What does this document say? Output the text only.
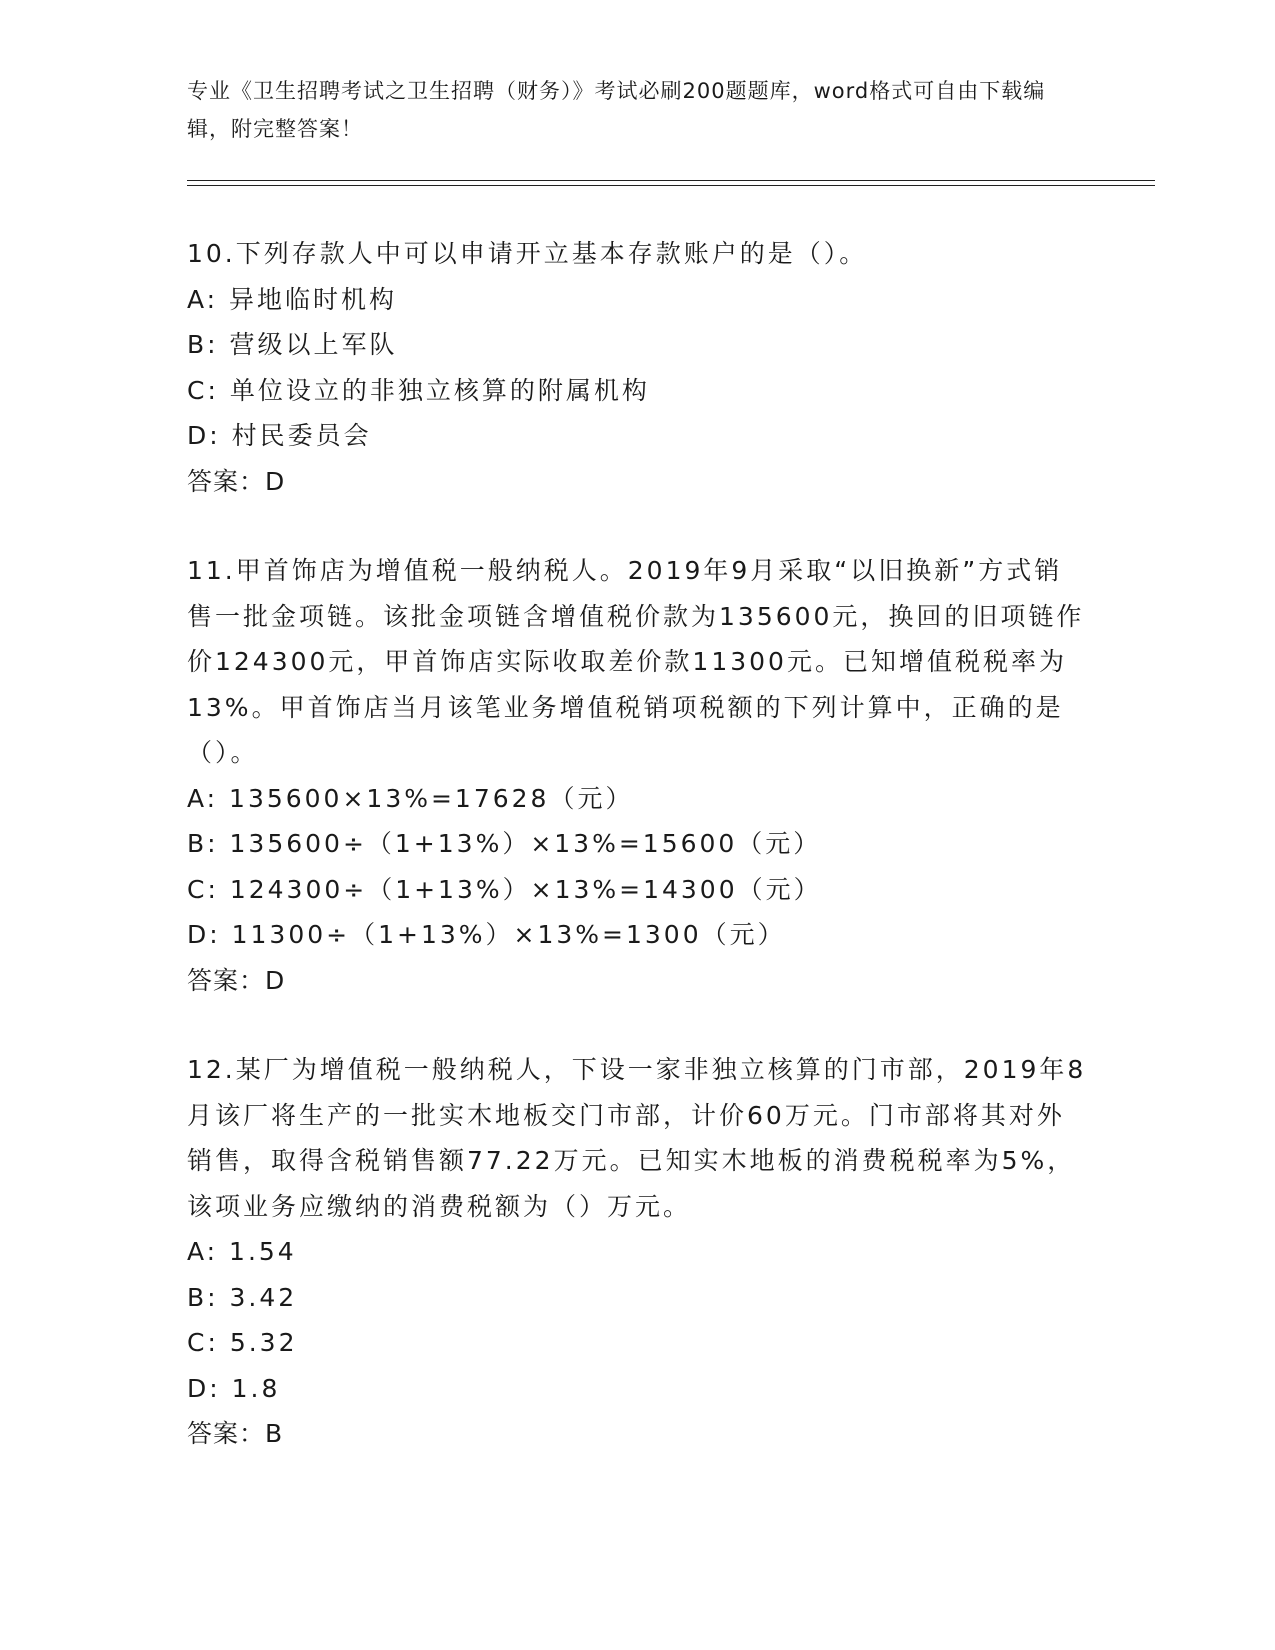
专业《卫生招聘考试之卫生招聘（财务）》考试必刷200题题库，word格式可自由下载编辑，附完整答案！
10.下列存款人中可以申请开立基本存款账户的是（）。
A: 异地临时机构
B: 营级以上军队
C: 单位设立的非独立核算的附属机构
D: 村民委员会
答案：D
11.甲首饰店为增值税一般纳税人。2019年9月采取“以旧换新”方式销售一批金项链。该批金项链含增值税价款为135600元，换回的旧项链作价124300元，甲首饰店实际收取差价款11300元。已知增值税税率为13%。甲首饰店当月该笔业务增值税销项税额的下列计算中，正确的是（）。
A: 135600×13%=17628（元）
B: 135600÷（1+13%）×13%=15600（元）
C: 124300÷（1+13%）×13%=14300（元）
D: 11300÷（1+13%）×13%=1300（元）
答案：D
12.某厂为增值税一般纳税人，下设一家非独立核算的门市部，2019年8月该厂将生产的一批实木地板交门市部，计价60万元。门市部将其对外销售，取得含税销售额77.22万元。已知实木地板的消费税税率为5%，该项业务应缴纳的消费税额为（）万元。
A: 1.54
B: 3.42
C: 5.32
D: 1.8
答案：B
